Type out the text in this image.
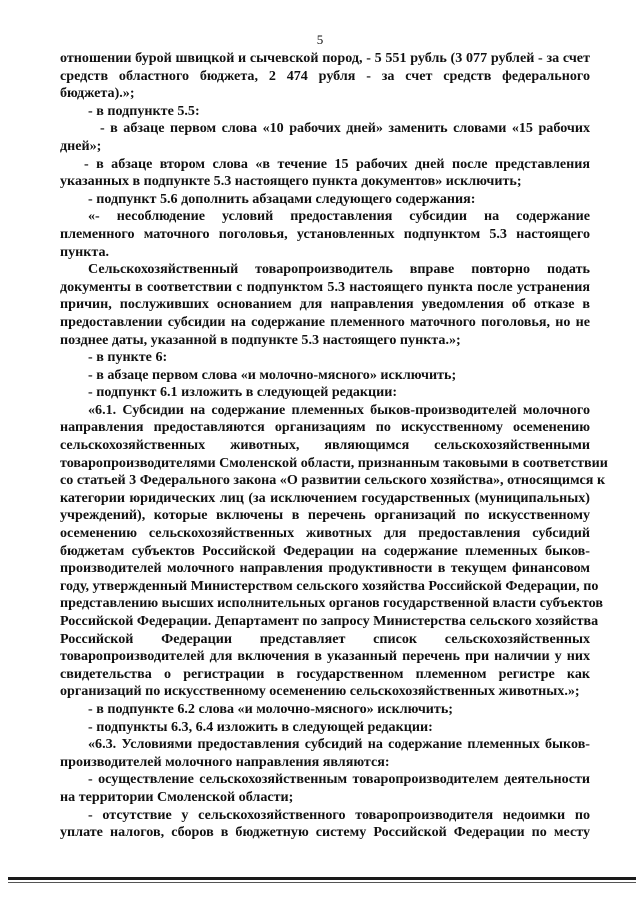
5
отношении бурой швицкой и сычевской пород, - 5 551 рубль (3 077 рублей - за счет
средств областного бюджета, 2 474 рубля - за счет средств федерального
бюджета).»;
- в подпункте 5.5:
- в абзаце первом слова «10 рабочих дней» заменить словами «15 рабочих
дней»;
- в абзаце втором слова «в течение 15 рабочих дней после представления
указанных в подпункте 5.3 настоящего пункта документов» исключить;
- подпункт 5.6 дополнить абзацами следующего содержания:
«- несоблюдение условий предоставления субсидии на содержание
племенного маточного поголовья, установленных подпунктом 5.3 настоящего
пункта.
Сельскохозяйственный товаропроизводитель вправе повторно подать
документы в соответствии с подпунктом 5.3 настоящего пункта после устранения
причин, послуживших основанием для направления уведомления об отказе в
предоставлении субсидии на содержание племенного маточного поголовья, но не
позднее даты, указанной в подпункте 5.3 настоящего пункта.»;
- в пункте 6:
- в абзаце первом слова «и молочно-мясного» исключить;
- подпункт 6.1 изложить в следующей редакции:
«6.1. Субсидии на содержание племенных быков-производителей молочного
направления предоставляются организациям по искусственному осеменению
сельскохозяйственных животных, являющимся сельскохозяйственными
товаропроизводителями Смоленской области, признанным таковыми в соответствии
со статьей 3 Федерального закона «О развитии сельского хозяйства», относящимся к
категории юридических лиц (за исключением государственных (муниципальных)
учреждений), которые включены в перечень организаций по искусственному
осеменению сельскохозяйственных животных для предоставления субсидий
бюджетам субъектов Российской Федерации на содержание племенных быков-
производителей молочного направления продуктивности в текущем финансовом
году, утвержденный Министерством сельского хозяйства Российской Федерации, по
представлению высших исполнительных органов государственной власти субъектов
Российской Федерации. Департамент по запросу Министерства сельского хозяйства
Российской Федерации представляет список сельскохозяйственных
товаропроизводителей для включения в указанный перечень при наличии у них
свидетельства о регистрации в государственном племенном регистре как
организаций по искусственному осеменению сельскохозяйственных животных.»;
- в подпункте 6.2 слова «и молочно-мясного» исключить;
- подпункты 6.3, 6.4 изложить в следующей редакции:
«6.3. Условиями предоставления субсидий на содержание племенных быков-
производителей молочного направления являются:
- осуществление сельскохозяйственным товаропроизводителем деятельности
на территории Смоленской области;
- отсутствие у сельскохозяйственного товаропроизводителя недоимки по
уплате налогов, сборов в бюджетную систему Российской Федерации по месту
